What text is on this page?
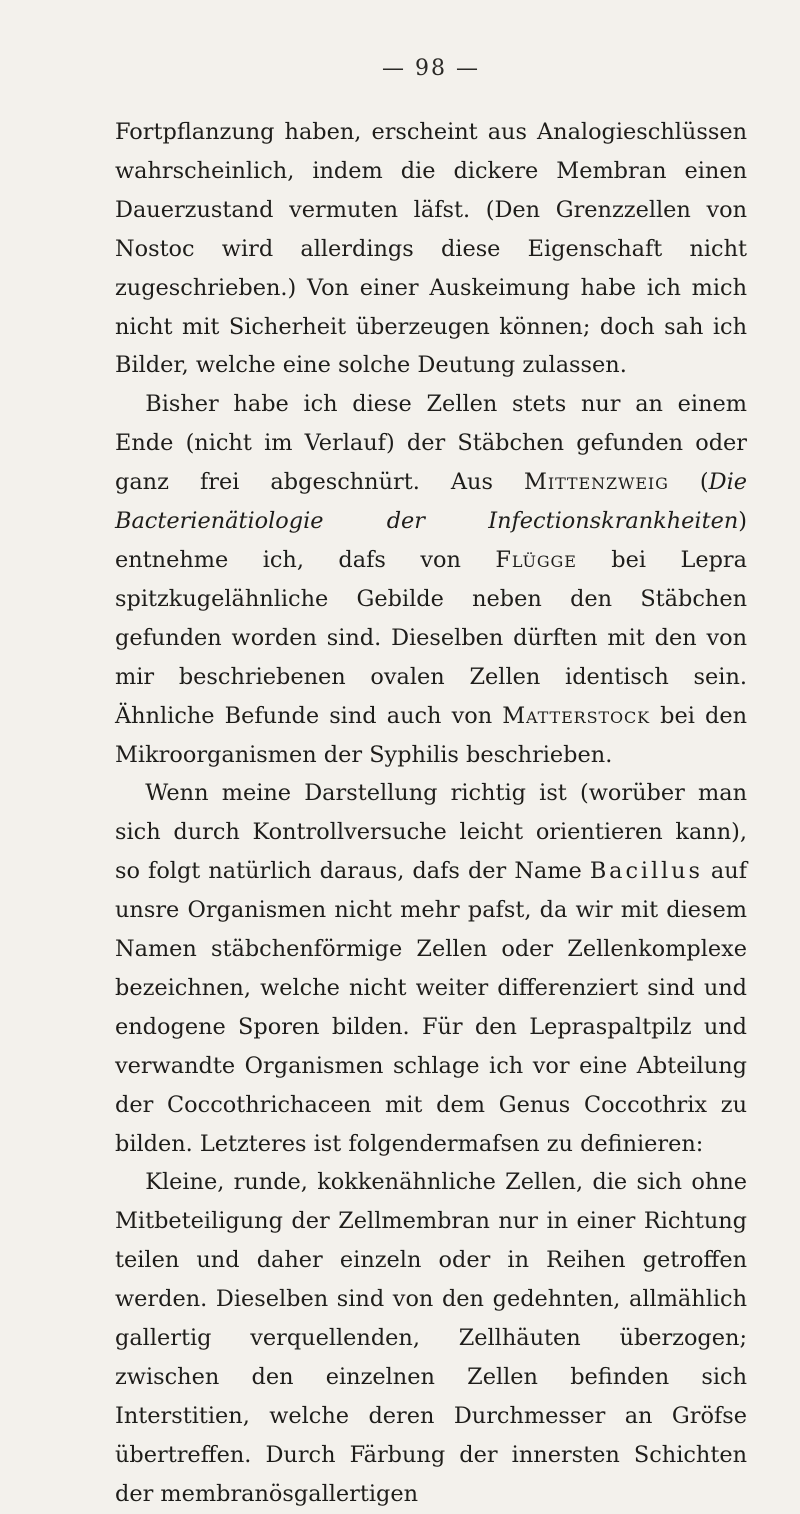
— 98 —

Fortpflanzung haben, erscheint aus Analogieschlüssen wahrscheinlich, indem die dickere Membran einen Dauerzustand vermuten läfst. (Den Grenzzellen von Nostoc wird allerdings diese Eigenschaft nicht zugeschrieben.) Von einer Auskeimung habe ich mich nicht mit Sicherheit überzeugen können; doch sah ich Bilder, welche eine solche Deutung zulassen.

Bisher habe ich diese Zellen stets nur an einem Ende (nicht im Verlauf) der Stäbchen gefunden oder ganz frei abgeschnürt. Aus Mittenzweig (Die Bacterienätiologie der Infectionskrankheiten) entnehme ich, dafs von Flügge bei Lepra spitzkugelähnliche Gebilde neben den Stäbchen gefunden worden sind. Dieselben dürften mit den von mir beschriebenen ovalen Zellen identisch sein. Ähnliche Befunde sind auch von Matterstock bei den Mikroorganismen der Syphilis beschrieben.

Wenn meine Darstellung richtig ist (worüber man sich durch Kontrollversuche leicht orientieren kann), so folgt natürlich daraus, dafs der Name Bacillus auf unsre Organismen nicht mehr pafst, da wir mit diesem Namen stäbchenförmige Zellen oder Zellenkomplexe bezeichnen, welche nicht weiter differenziert sind und endogene Sporen bilden. Für den Lepraspaltpilz und verwandte Organismen schlage ich vor eine Abteilung der Coccothrichaceen mit dem Genus Coccothrix zu bilden. Letzteres ist folgendermafsen zu definieren:

Kleine, runde, kokkenähnliche Zellen, die sich ohne Mitbeteiligung der Zellmembran nur in einer Richtung teilen und daher einzeln oder in Reihen getroffen werden. Dieselben sind von den gedehnten, allmählich gallertig verquellenden, Zellhäuten überzogen; zwischen den einzelnen Zellen befinden sich Interstitien, welche deren Durchmesser an Gröfse übertreffen. Durch Färbung der innersten Schichten der membranösgallertigen
